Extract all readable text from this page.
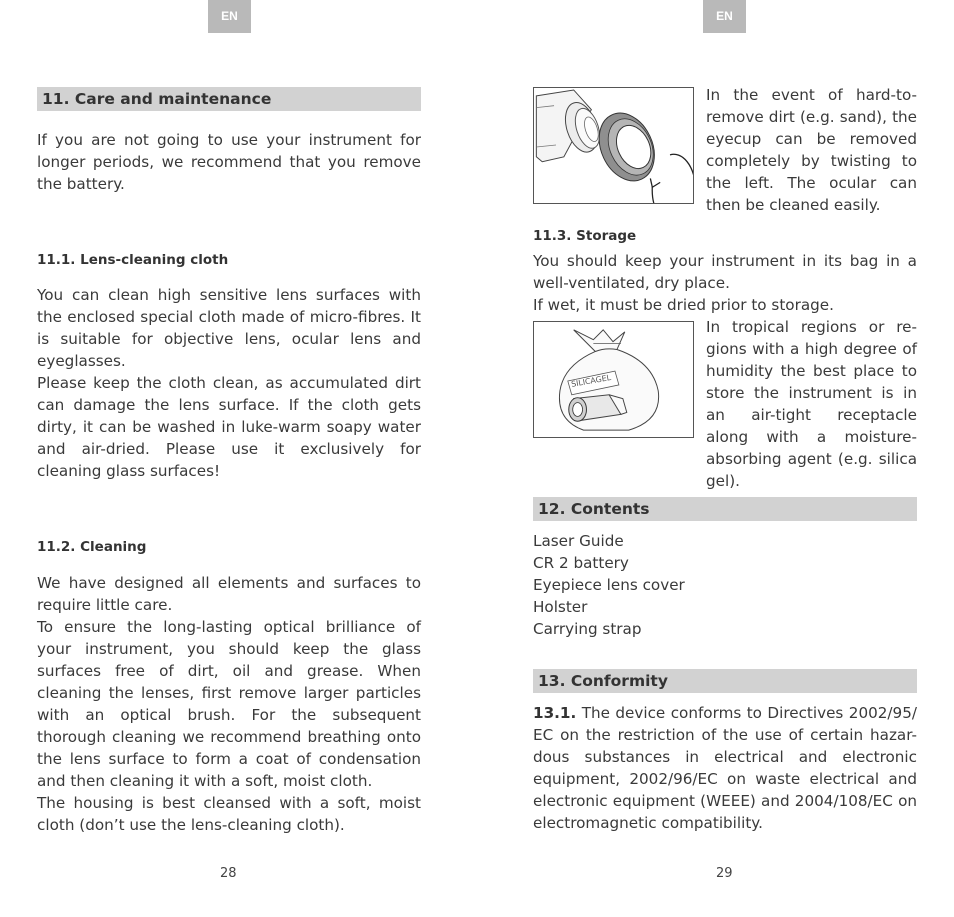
EN
11. Care and maintenance

If you are not going to use your instrument for longer periods, we recommend that you remove the battery.

11.1. Lens-cleaning cloth

You can clean high sensitive lens surfaces with the enclosed special cloth made of micro-fibres. It is suitable for objective lens, ocular lens and eyeglasses.

Please keep the cloth clean, as accumulated dirt can damage the lens surface. If the cloth gets dirty, it can be washed in luke-warm soapy water and air-dried. Please use it exclusively for cleaning glass surfaces!

11.2. Cleaning

We have designed all elements and surfaces to require little care.

To ensure the long-lasting optical brilliance of your instrument, you should keep the glass surfaces free of dirt, oil and grease. When cleaning the lenses, first remove larger particles with an optical brush. For the subsequent thorough cleaning we recommend breathing onto the lens surface to form a coat of condensation and then cleaning it with a soft, moist cloth.

The housing is best cleansed with a soft, moist cloth (don’t use the lens-cleaning cloth).

28
EN

In the event of hard-to-remove dirt (e.g. sand), the eyecup can be removed completely by twisting to the left. The ocular can then be cleaned easily.

11.3. Storage

You should keep your instrument in its bag in a well-ventilated, dry place.

If wet, it must be dried prior to storage.

SILICAGEL

In tropical regions or re-gions with a high degree of humidity the best place to store the instrument is in an air-tight receptacle along with a moisture-absorbing agent (e.g. silica gel).

12. Contents
Laser Guide
CR 2 battery
Eyepiece lens cover
Holster
Carrying strap
13. Conformity

13.1. The device conforms to Directives 2002/95/ EC on the restriction of the use of certain hazar-dous substances in electrical and electronic equipment, 2002/96/EC on waste electrical and electronic equipment (WEEE) and 2004/108/EC on electromagnetic compatibility.

29
